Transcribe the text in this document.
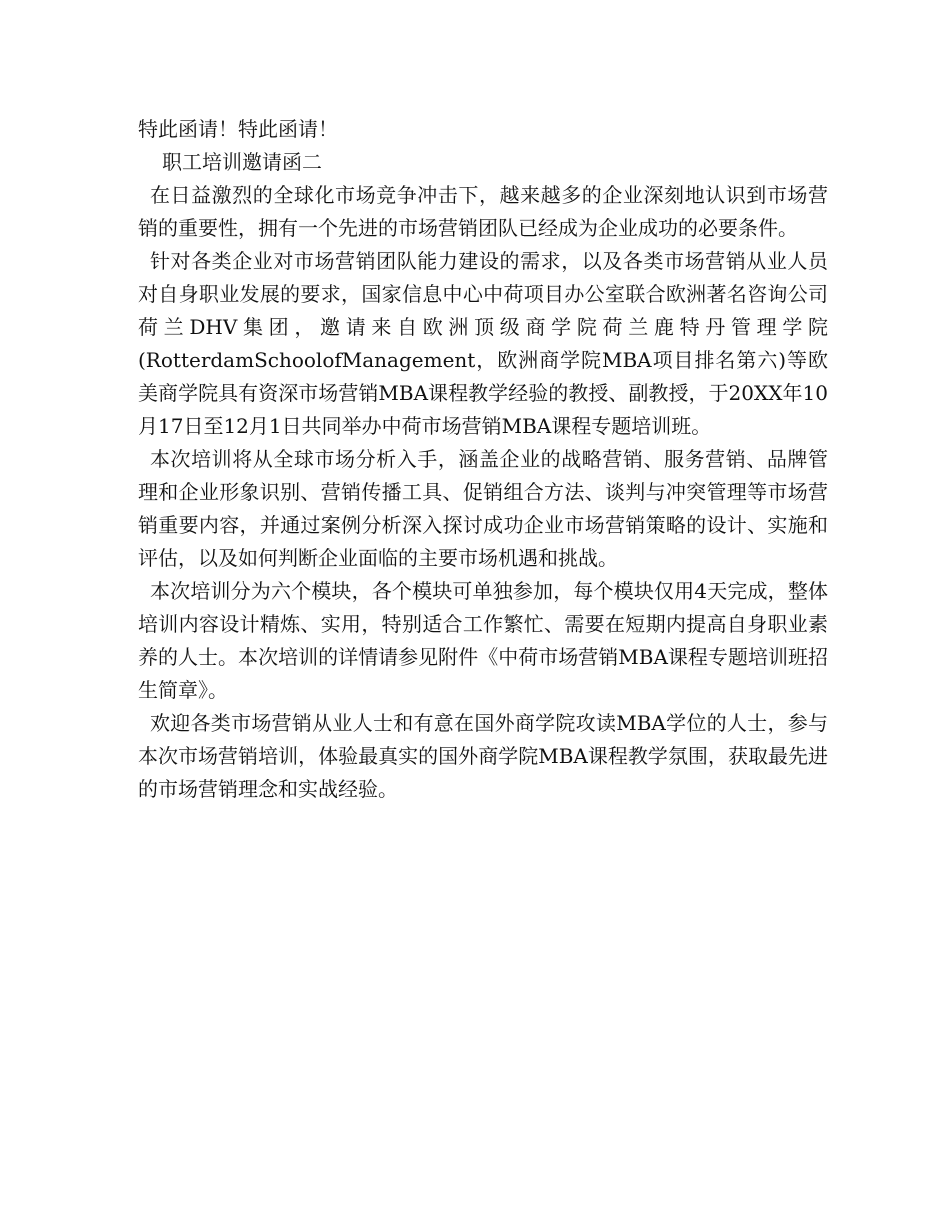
特此函请！特此函请！

职工培训邀请函二

在日益激烈的全球化市场竞争冲击下，越来越多的企业深刻地认识到市场营销的重要性，拥有一个先进的市场营销团队已经成为企业成功的必要条件。

针对各类企业对市场营销团队能力建设的需求，以及各类市场营销从业人员对自身职业发展的要求，国家信息中心中荷项目办公室联合欧洲著名咨询公司荷兰DHV集团，邀请来自欧洲顶级商学院荷兰鹿特丹管理学院(RotterdamSchoolofManagement，欧洲商学院MBA项目排名第六)等欧美商学院具有资深市场营销MBA课程教学经验的教授、副教授，于20XX年10月17日至12月1日共同举办中荷市场营销MBA课程专题培训班。

本次培训将从全球市场分析入手，涵盖企业的战略营销、服务营销、品牌管理和企业形象识别、营销传播工具、促销组合方法、谈判与冲突管理等市场营销重要内容，并通过案例分析深入探讨成功企业市场营销策略的设计、实施和评估，以及如何判断企业面临的主要市场机遇和挑战。

本次培训分为六个模块，各个模块可单独参加，每个模块仅用4天完成，整体培训内容设计精炼、实用，特别适合工作繁忙、需要在短期内提高自身职业素养的人士。本次培训的详情请参见附件《中荷市场营销MBA课程专题培训班招生简章》。

欢迎各类市场营销从业人士和有意在国外商学院攻读MBA学位的人士，参与本次市场营销培训，体验最真实的国外商学院MBA课程教学氛围，获取最先进的市场营销理念和实战经验。
